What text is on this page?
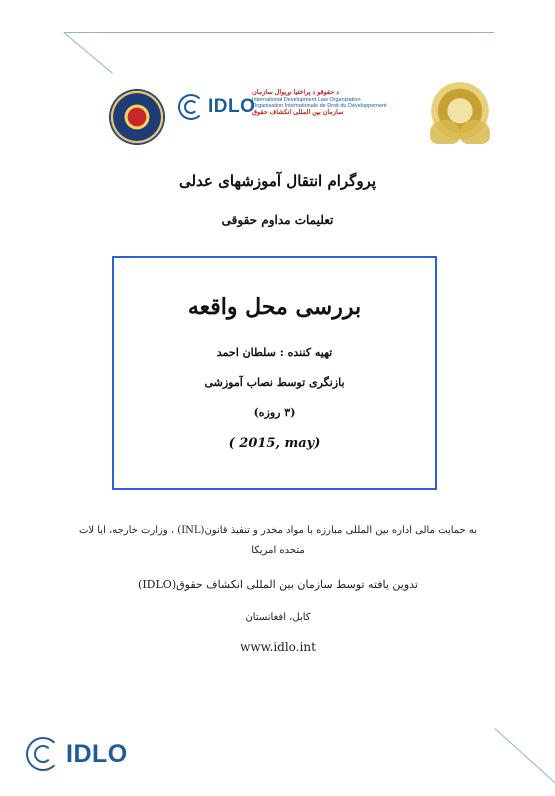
IDLO
د حقوقو د پراختیا نړیوال سازمان
International Development Law Organization
Organisation Internationale de Droit du Développement
سازمان بین المللی انکشاف حقوق
پروگرام انتقال آموزشهای عدلی
تعلیمات مداوم حقوقی
بررسی محل واقعه
تهیه کننده : سلطان احمد
بازنگری توسط نصاب آموزشی
(۳ روزه)
( 2015, may)
به حمایت مالی اداره بین المللی مبارزه با مواد مخدر و تنفیذ قانون(INL) ، وزارت خارجه، ایا لات
متحده امریکا
تدوین یافته توسط سازمان بین المللی انکشاف حقوق(IDLO)
کابل، افغانستان
www.idlo.int
IDLO
